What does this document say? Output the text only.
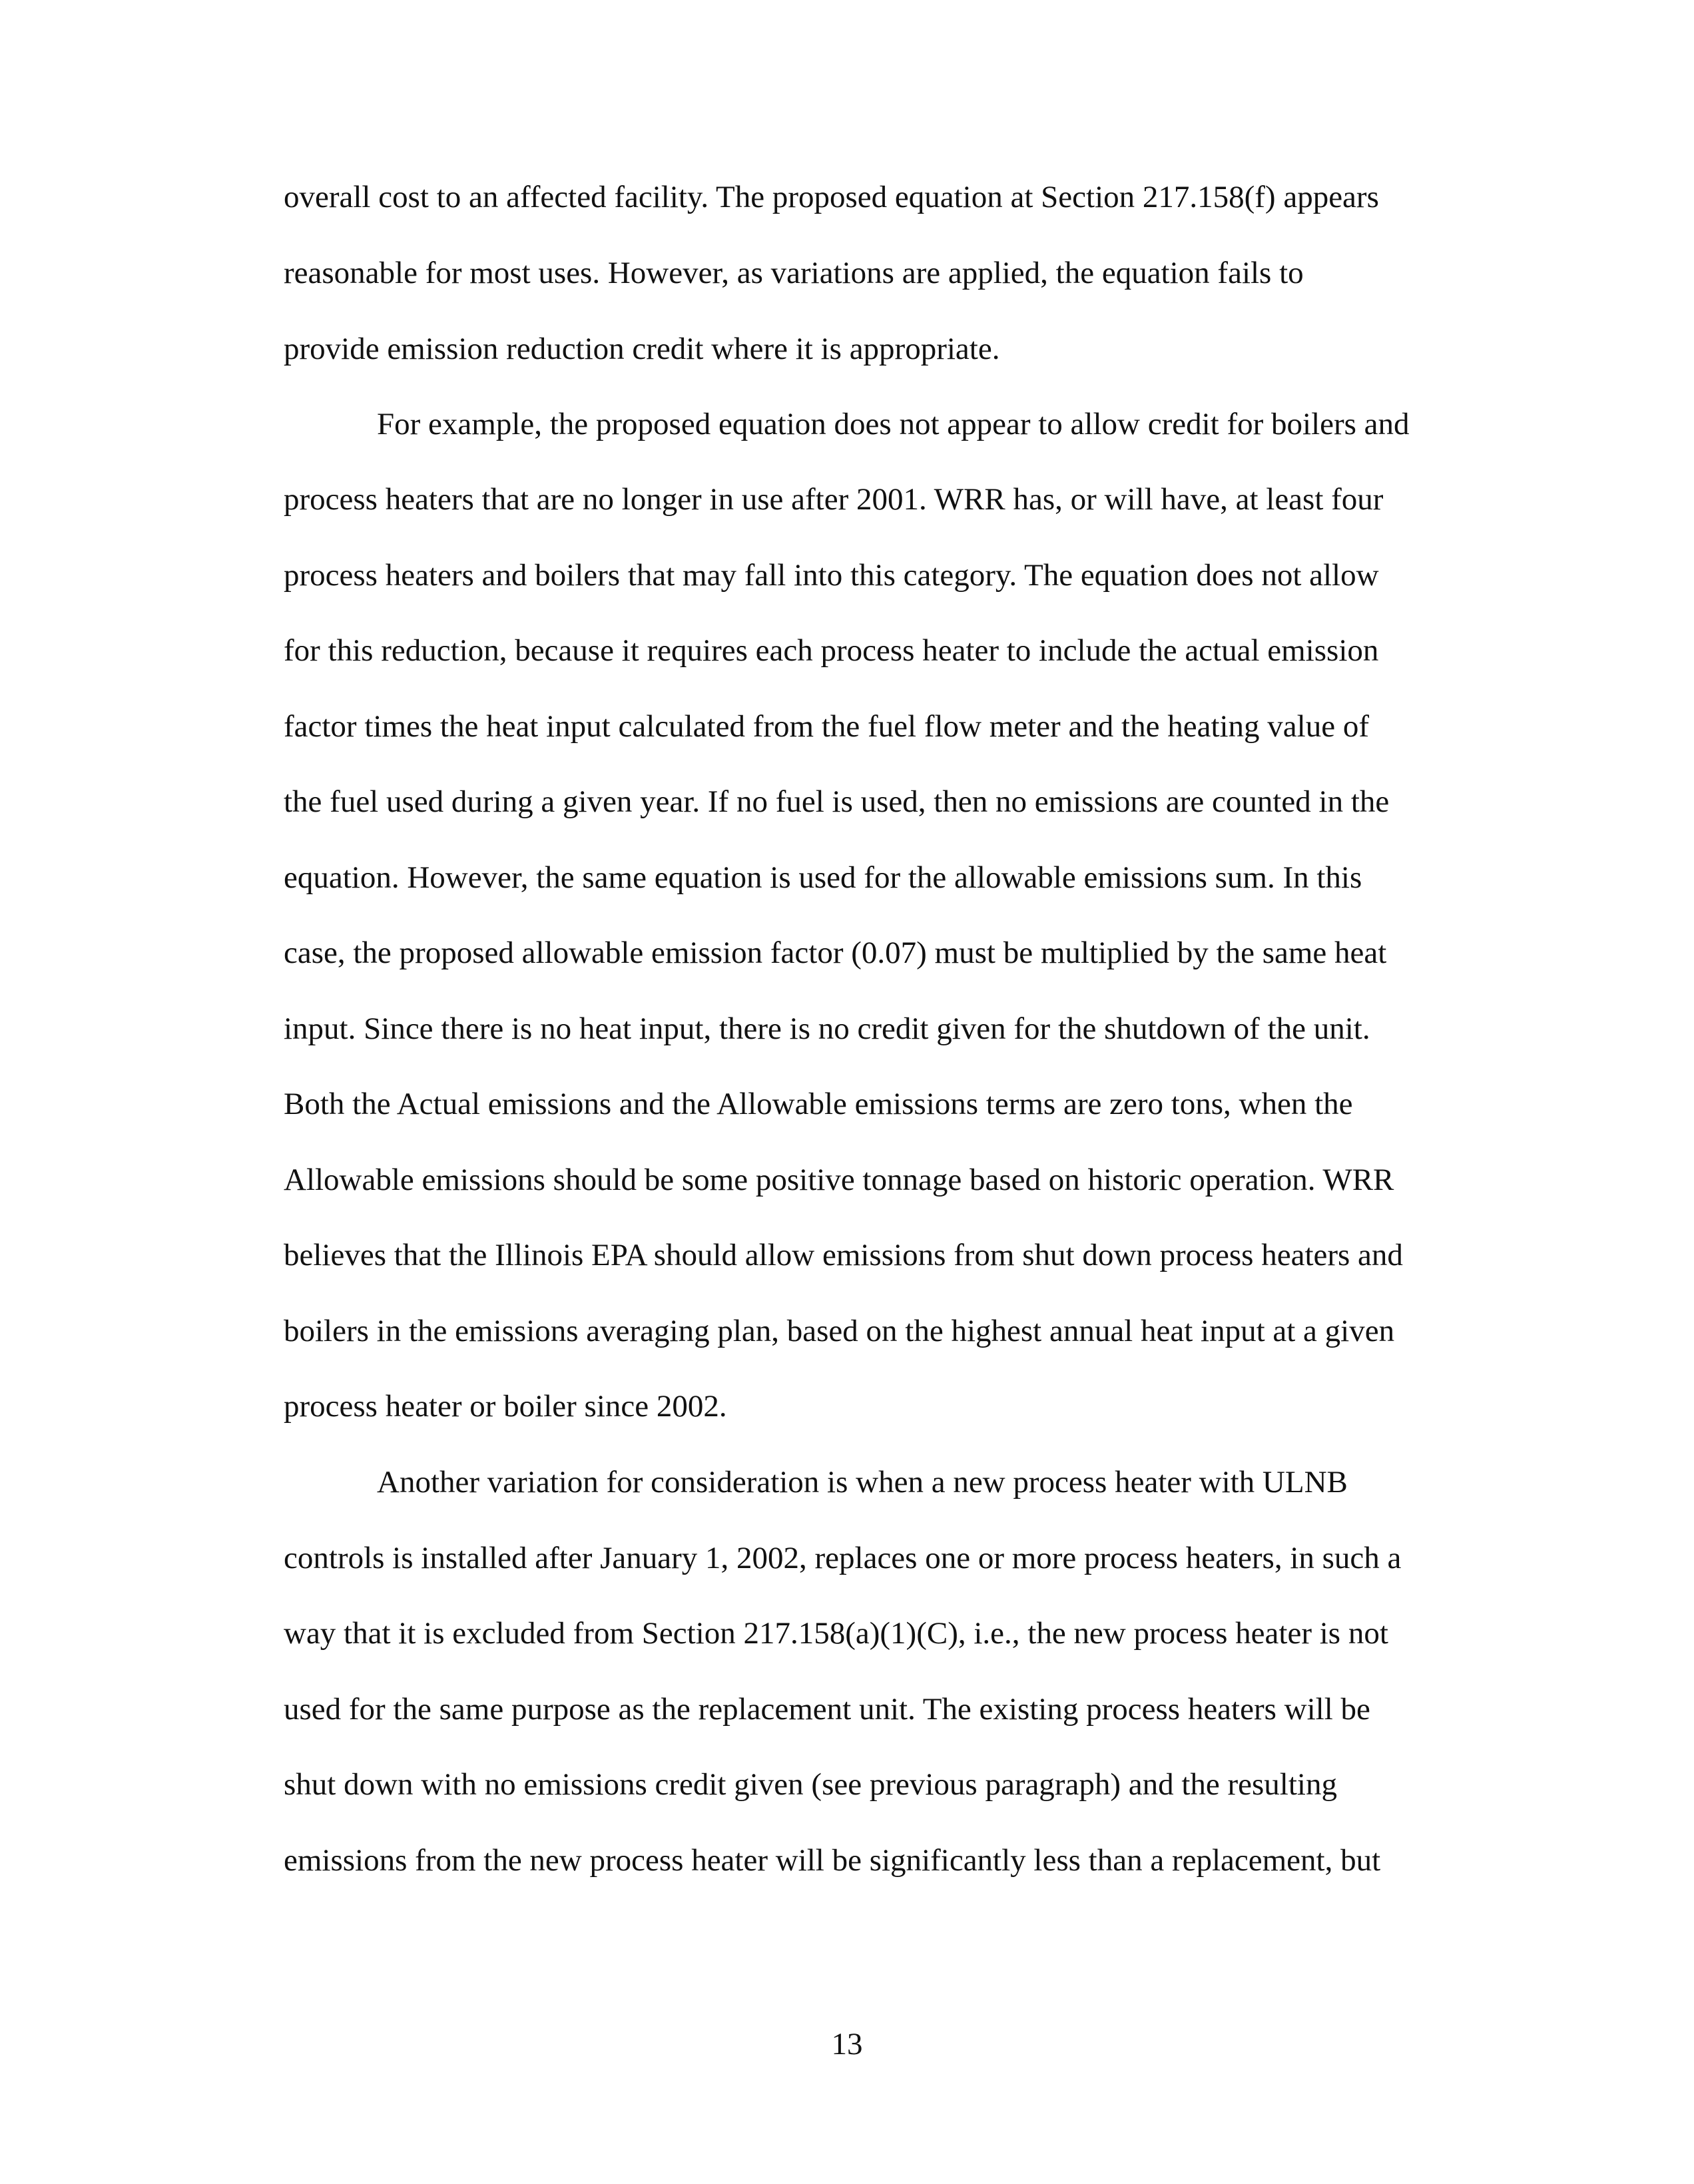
overall cost to an affected facility. The proposed equation at Section 217.158(f) appears
reasonable for most uses. However, as variations are applied, the equation fails to
provide emission reduction credit where it is appropriate.
For example, the proposed equation does not appear to allow credit for boilers and
process heaters that are no longer in use after 2001. WRR has, or will have, at least four
process heaters and boilers that may fall into this category. The equation does not allow
for this reduction, because it requires each process heater to include the actual emission
factor times the heat input calculated from the fuel flow meter and the heating value of
the fuel used during a given year. If no fuel is used, then no emissions are counted in the
equation. However, the same equation is used for the allowable emissions sum. In this
case, the proposed allowable emission factor (0.07) must be multiplied by the same heat
input. Since there is no heat input, there is no credit given for the shutdown of the unit.
Both the Actual emissions and the Allowable emissions terms are zero tons, when the
Allowable emissions should be some positive tonnage based on historic operation. WRR
believes that the Illinois EPA should allow emissions from shut down process heaters and
boilers in the emissions averaging plan, based on the highest annual heat input at a given
process heater or boiler since 2002.
Another variation for consideration is when a new process heater with ULNB
controls is installed after January 1, 2002, replaces one or more process heaters, in such a
way that it is excluded from Section 217.158(a)(1)(C), i.e., the new process heater is not
used for the same purpose as the replacement unit. The existing process heaters will be
shut down with no emissions credit given (see previous paragraph) and the resulting
emissions from the new process heater will be significantly less than a replacement, but
13
